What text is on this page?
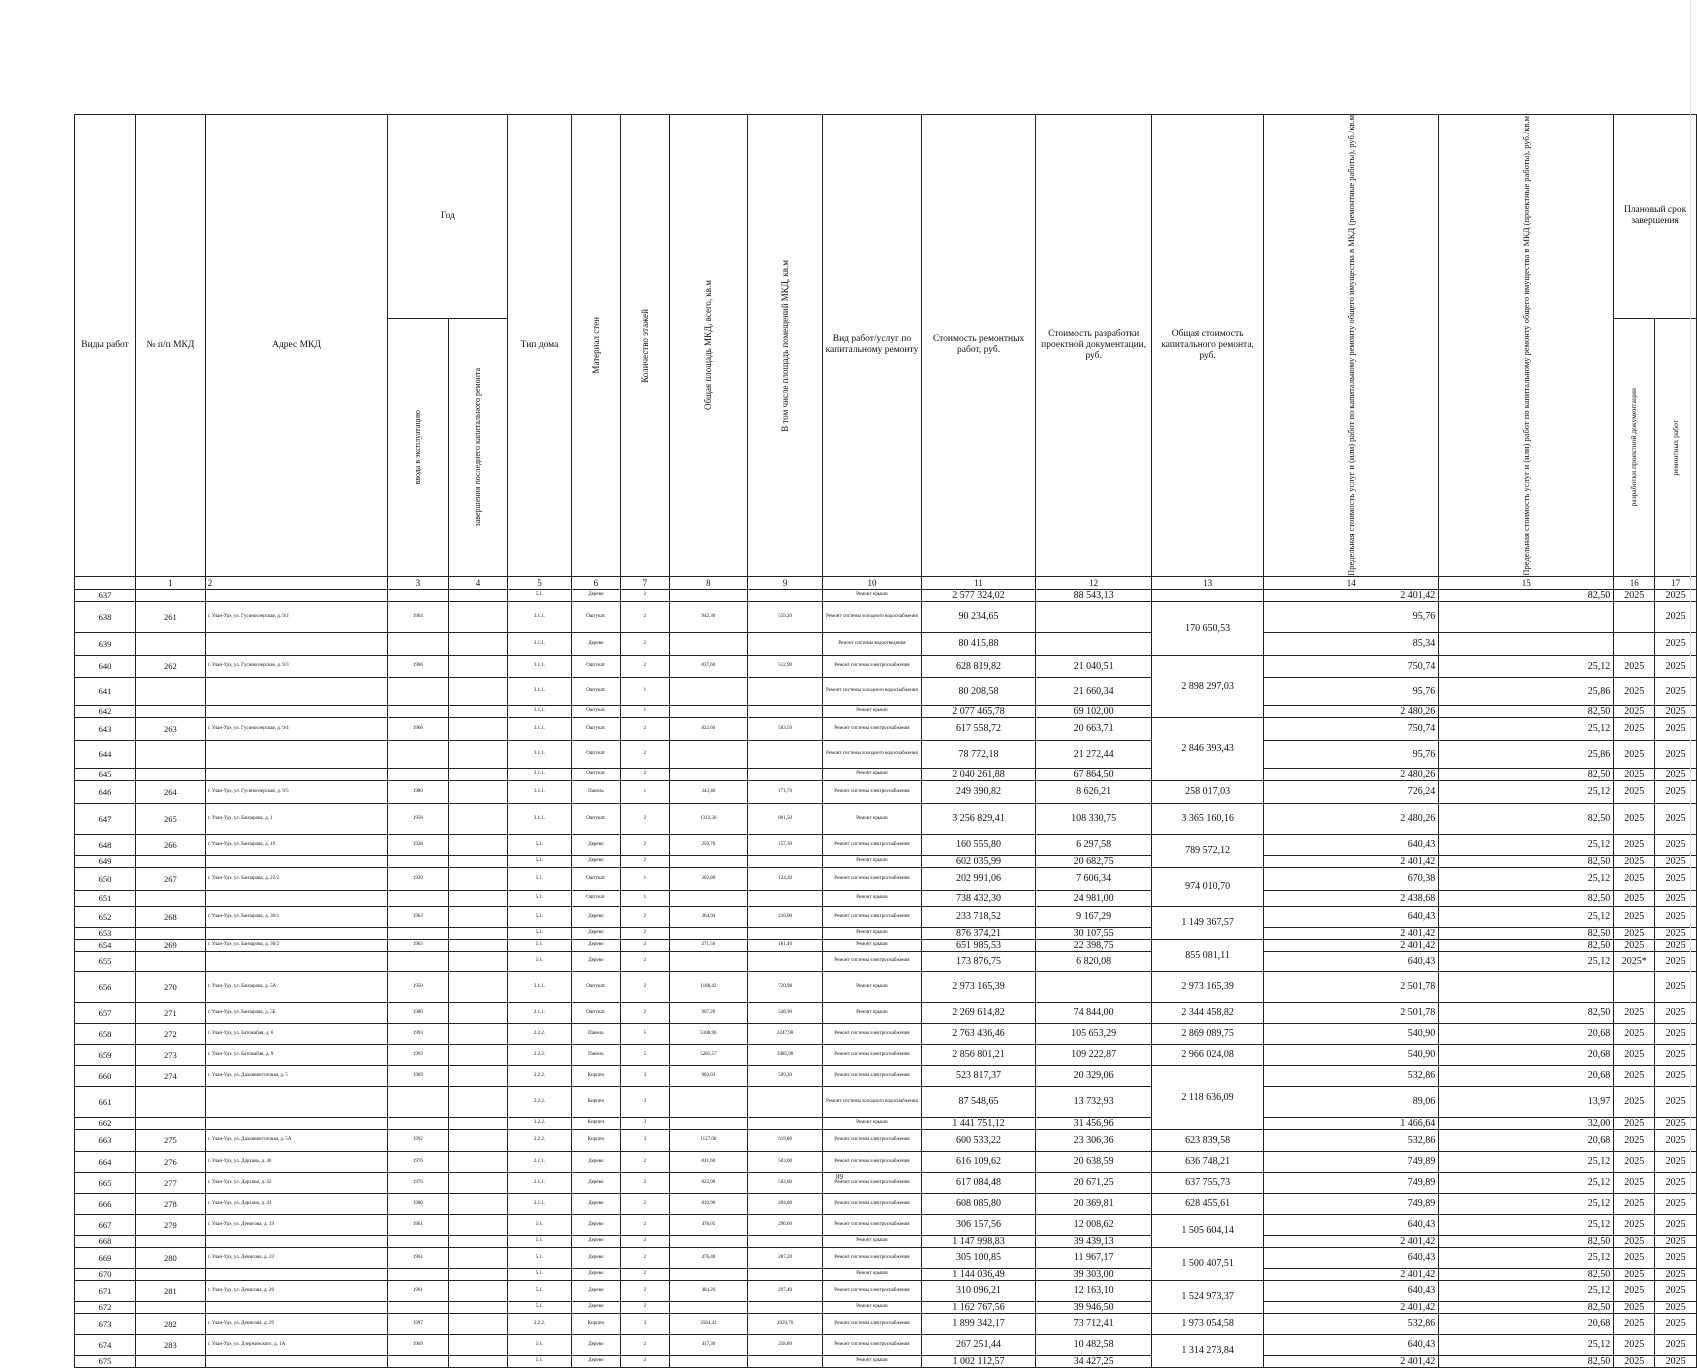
Виды работ	№ п/п МКД	Адрес МКД	Год		Тип дома	Материал стен	Количество этажей	Общая площадь МКД, всего, кв.м	В том числе площадь помещений МКД, кв.м	Вид работ/услуг по капитальному ремонту	Стоимость ремонтных работ, руб.	Стоимость разработки проектной документации, руб.	Общая стоимость капитального ремонта, руб.	Предельная стоимость услуг и (или) работ по капитальному ремонту общего имущества в МКД (ремонтные работы), руб./кв.м	Предельная стоимость услуг и (или) работ по капитальному ремонту общего имущества в МКД (проектные работы), руб./кв.м	Плановый срок завершения	

			ввода в эксплуатацию	завершения последнего капитального ремонта												разработки проектной документации	ремонтных работ

	1	2	3	4	5	6	7	8	9	10	11	12	13	14	15	16	17
637					5.1.	Дерево	2			Ремонт крыши	2 577 324,02	88 543,13		2 401,42	82,50	2025	2025
638	261	г. Улан-Удэ, ул. Гусиноозерская, д. 9/2	1964		3.1.1.	Оштукат.	2	942,30	559,20	Ремонт системы холодного водоснабжения	90 234,65		170 650,53	95,76			2025
639					3.1.1.	Дерево	2			Ремонт системы водоотведения	80 415,88			85,34			2025
640	262	г. Улан-Удэ, ул. Гусиноозерская, д. 9/3	1966		3.1.1.	Оштукат.	2	837,60	512,90	Ремонт системы электроснабжения	628 819,82	21 040,51	2 898 297,03	750,74	25,12	2025	2025
641					3.1.1.	Оштукат.	1			Ремонт системы холодного водоснабжения	80 208,58	21 660,34		95,76	25,86	2025	2025
642					3.1.1.	Оштукат.	1			Ремонт крыши	2 077 465,78	69 102,00		2 480,26	82,50	2025	2025
643	263	г. Улан-Удэ, ул. Гусиноозерская, д. 9/4	1966		3.1.1.	Оштукат.	2	822,60	503,50	Ремонт системы электроснабжения	617 558,72	20 663,71	2 846 393,43	750,74	25,12	2025	2025
644					3.1.1.	Оштукат.	2			Ремонт системы холодного водоснабжения	78 772,18	21 272,44		95,76	25,86	2025	2025
645					3.1.1.	Оштукат.	2			Ремонт крыши	2 040 261,88	67 864,50		2 480,26	82,50	2025	2025
646	264	г. Улан-Удэ, ул. Гусиноозерская, д. 9/5	1980		3.1.1.	Панель	1	343,40	171,70	Ремонт системы электроснабжения	249 390,82	8 626,21	258 017,03	726,24	25,12	2025	2025
647	265	г. Улан-Удэ, ул. Банзарова, д. 1	1956		3.1.1.	Оштукат.	2	1313,30	801,50	Ремонт крыши	3 256 829,41	108 330,75	3 365 160,16	2 480,26	82,50	2025	2025
648	266	г. Улан-Удэ, ул. Банзарова, д. 19	1928		5.1.	Дерево	2	250,70	157,30	Ремонт системы электроснабжения	160 555,80	6 297,58	789 572,12	640,43	25,12	2025	2025
649					5.1.	Дерево	2			Ремонт крыши	602 035,99	20 682,75		2 401,42	82,50	2025	2025
650	267	г. Улан-Удэ, ул. Банзарова, д. 22/2	1939		5.1.	Оштукат.	1	302,80	124,30	Ремонт системы электроснабжения	202 991,06	7 606,34	974 010,70	670,38	25,12	2025	2025
651					5.1.	Оштукат.	1			Ремонт крыши	738 432,30	24 981,00		2 438,68	82,50	2025	2025
652	268	г. Улан-Удэ, ул. Банзарова, д. 30/1	1963		5.1.	Дерево	2	364,94	216,00	Ремонт системы электроснабжения	233 718,52	9 167,29	1 149 367,57	640,43	25,12	2025	2025
653					5.1.	Дерево	2			Ремонт крыши	876 374,21	30 107,55		2 401,42	82,50	2025	2025
654	269	г. Улан-Удэ, ул. Банзарова, д. 30/2	1963		5.1.	Дерево	2	271,50	181,40	Ремонт крыши	651 985,53	22 398,75	855 081,11	2 401,42	82,50	2025	2025
655					5.1.	Дерево	2			Ремонт системы электроснабжения	173 876,75	6 820,08		640,43	25,12	2025*	2025
656	270	г. Улан-Удэ, ул. Банзарова, д. 5А	1950		2.1.1.	Оштукат.	2	1188,42	720,98	Ремонт крыши	2 973 165,39		2 973 165,39	2 501,78			2025
657	271	г. Улан-Удэ, ул. Банзарова, д. 5Б	1980		2.1.1.	Оштукат.	2	907,20	548,90	Ремонт крыши	2 269 614,82	74 844,00	2 344 458,82	2 501,78	82,50	2025	2025
658	272	г. Улан-Удэ, ул. Батожабая, д. 6	1993		2.2.2.	Панель	5	5108,96	3247,90	Ремонт системы электроснабжения	2 763 436,46	105 653,29	2 869 089,75	540,90	20,68	2025	2025
659	273	г. Улан-Удэ, ул. Батожабая, д. 9	1993		2.2.2.	Панель	5	5281,57	3485,90	Ремонт системы электроснабжения	2 856 801,21	109 222,87	2 966 024,08	540,90	20,68	2025	2025
660	274	г. Улан-Удэ, ул. Дальневосточная, д. 5	1969		2.2.2.	Кирпич	3	983,03	599,30	Ремонт системы электроснабжения	523 817,37	20 329,06	2 118 636,09	532,86	20,68	2025	2025
661					2.2.2.	Кирпич	3			Ремонт системы холодного водоснабжения	87 548,65	13 732,93		89,06	13,97	2025	2025
662					2.2.2.	Кирпич	3			Ремонт крыши	1 441 751,12	31 456,96		1 466,64	32,00	2025	2025
663	275	г. Улан-Удэ, ул. Дальневосточная, д. 5А	1992		2.2.2.	Кирпич	3	1127,00	619,80	Ремонт системы электроснабжения	600 533,22	23 306,36	623 839,58	532,86	20,68	2025	2025
664	276	г. Улан-Удэ, ул. Дархана, д. 40	1976		2.1.1.	Дерево	2	821,60	503,00	Ремонт системы электроснабжения	616 109,62	20 638,59	636 748,21	749,89	25,12	2025	2025
665	277	г. Улан-Удэ, ул. Дархана, д. 42	1976		2.1.1.	Дерево	2	822,90	502,60	Ремонт системы электроснабжения	617 084,48	20 671,25	637 755,73	749,89	25,12	2025	2025
666	278	г. Улан-Удэ, ул. Дархана, д. 43	1980		2.1.1.	Дерево	2	810,90	494,80	Ремонт системы электроснабжения	608 085,80	20 369,81	628 455,61	749,89	25,12	2025	2025
667	279	г. Улан-Удэ, ул. Денисова, д. 19	1961		5.1.	Дерево	2	478,05	290,60	Ремонт системы электроснабжения	306 157,56	12 008,62	1 505 604,14	640,43	25,12	2025	2025
668					5.1.	Дерево	2			Ремонт крыши	1 147 998,83	39 439,13		2 401,42	82,50	2025	2025
669	280	г. Улан-Удэ, ул. Денисова, д. 23	1961		5.1.	Дерево	2	476,40	287,20	Ремонт системы электроснабжения	305 100,85	11 967,17	1 500 407,51	640,43	25,12	2025	2025
670					5.1.	Дерево	2			Ремонт крыши	1 144 036,49	39 303,00		2 401,42	82,50	2025	2025
671	281	г. Улан-Удэ, ул. Денисова, д. 26	1961		5.1.	Дерево	2	484,20	297,40	Ремонт системы электроснабжения	310 096,21	12 163,10	1 524 973,37	640,43	25,12	2025	2025
672					5.1.	Дерево	2			Ремонт крыши	1 162 767,56	39 946,50		2 401,42	82,50	2025	2025
673	282	г. Улан-Удэ, ул. Денисова, д. 29	1997		2.2.2.	Кирпич	3	3564,43	2029,70	Ремонт системы электроснабжения	1 899 342,17	73 712,41	1 973 054,58	532,86	20,68	2025	2025
674	283	г. Улан-Удэ, ул. Дзержинского, д. 1А	1969		5.1.	Дерево	2	417,30	258,80	Ремонт системы электроснабжения	267 251,44	10 482,58	1 314 273,84	640,43	25,12	2025	2025
675					5.1.	Дерево	2			Ремонт крыши	1 002 112,57	34 427,25		2 401,42	82,50	2025	2025
89
